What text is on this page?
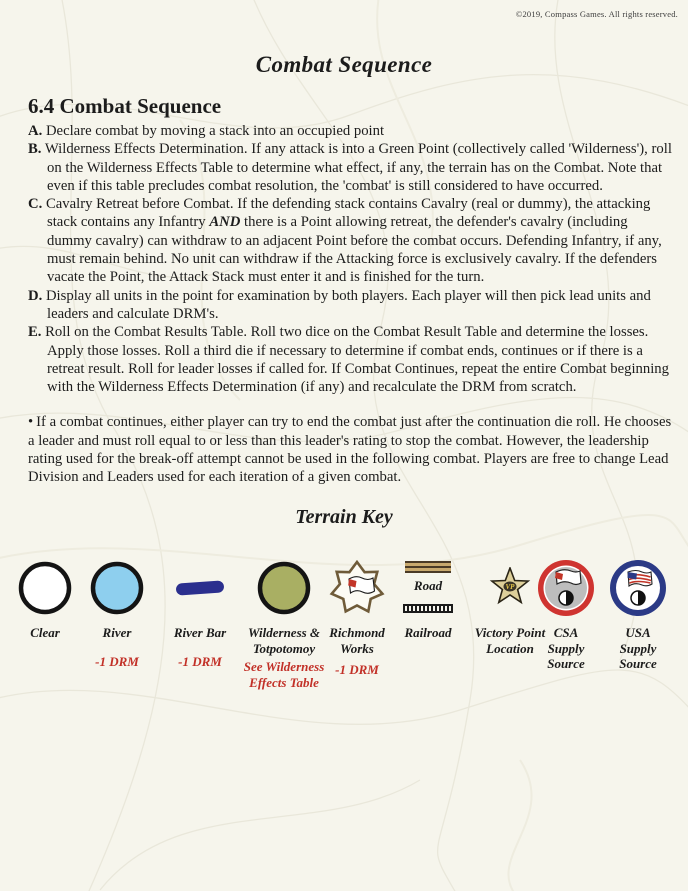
©2019, Compass Games. All rights reserved.
Combat Sequence
6.4 Combat Sequence
A. Declare combat by moving a stack into an occupied point
B. Wilderness Effects Determination. If any attack is into a Green Point (collectively called 'Wilderness'), roll on the Wilderness Effects Table to determine what effect, if any, the terrain has on the Combat. Note that even if this table precludes combat resolution, the 'combat' is still considered to have occurred.
C. Cavalry Retreat before Combat. If the defending stack contains Cavalry (real or dummy), the attacking stack contains any Infantry AND there is a Point allowing retreat, the defender's cavalry (including dummy cavalry) can withdraw to an adjacent Point before the combat occurs. Defending Infantry, if any, must remain behind. No unit can withdraw if the Attacking force is exclusively cavalry. If the defenders vacate the Point, the Attack Stack must enter it and is finished for the turn.
D. Display all units in the point for examination by both players. Each player will then pick lead units and leaders and calculate DRM's.
E. Roll on the Combat Results Table. Roll two dice on the Combat Result Table and determine the losses. Apply those losses. Roll a third die if necessary to determine if combat ends, continues or if there is a retreat result. Roll for leader losses if called for. If Combat Continues, repeat the entire Combat beginning with the Wilderness Effects Determination (if any) and recalculate the DRM from scratch.
• If a combat continues, either player can try to end the combat just after the continuation die roll. He chooses a leader and must roll equal to or less than this leader's rating to stop the combat. However, the leadership rating used for the break-off attempt cannot be used in the following combat. Players are free to change Lead Division and Leaders used for each iteration of a given combat.
Terrain Key
Clear	River
-1 DRM
River Bar
-1 DRM
Wilderness &
Totpotomoy
See Wilderness
Effects Table
Richmond
Works
-1 DRM
Road
Railroad
VP
Victory Point
Location
CSA
Supply
Source
USA
Supply
Source
